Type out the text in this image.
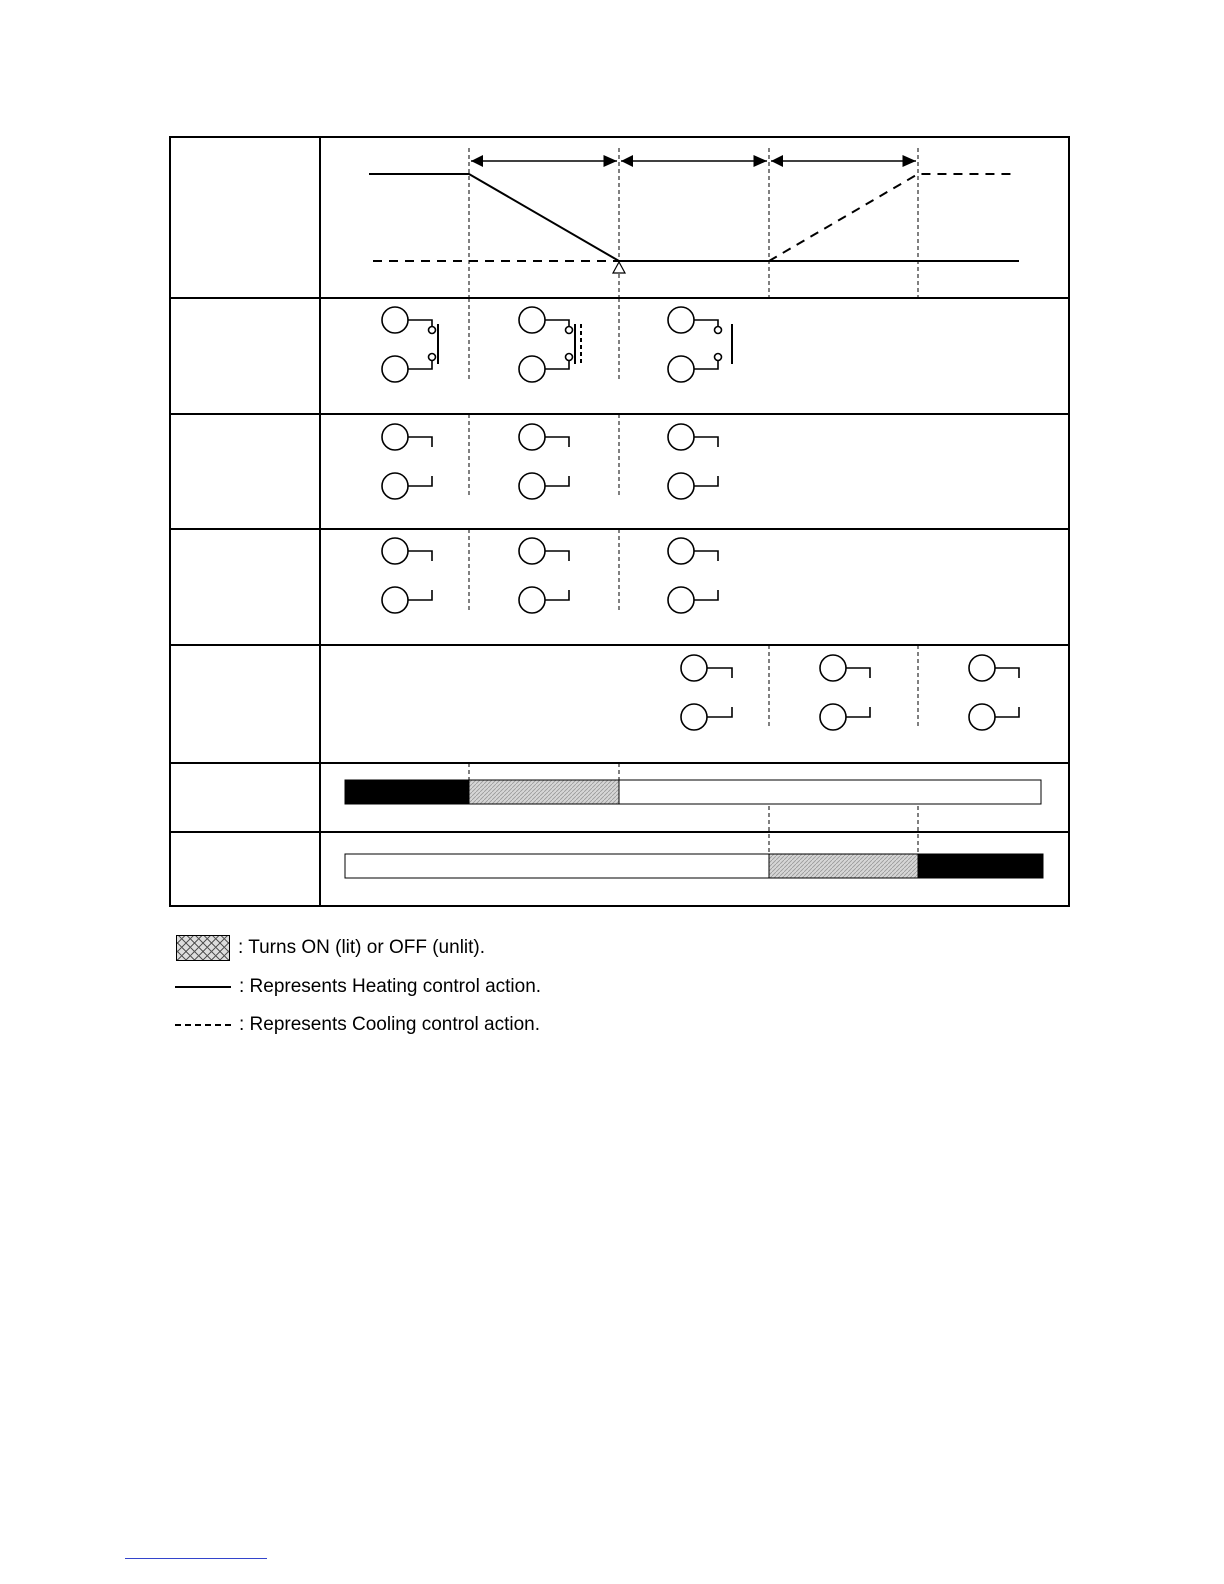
: Turns ON (lit) or OFF (unlit).
: Represents Heating control action.
: Represents Cooling control action.
